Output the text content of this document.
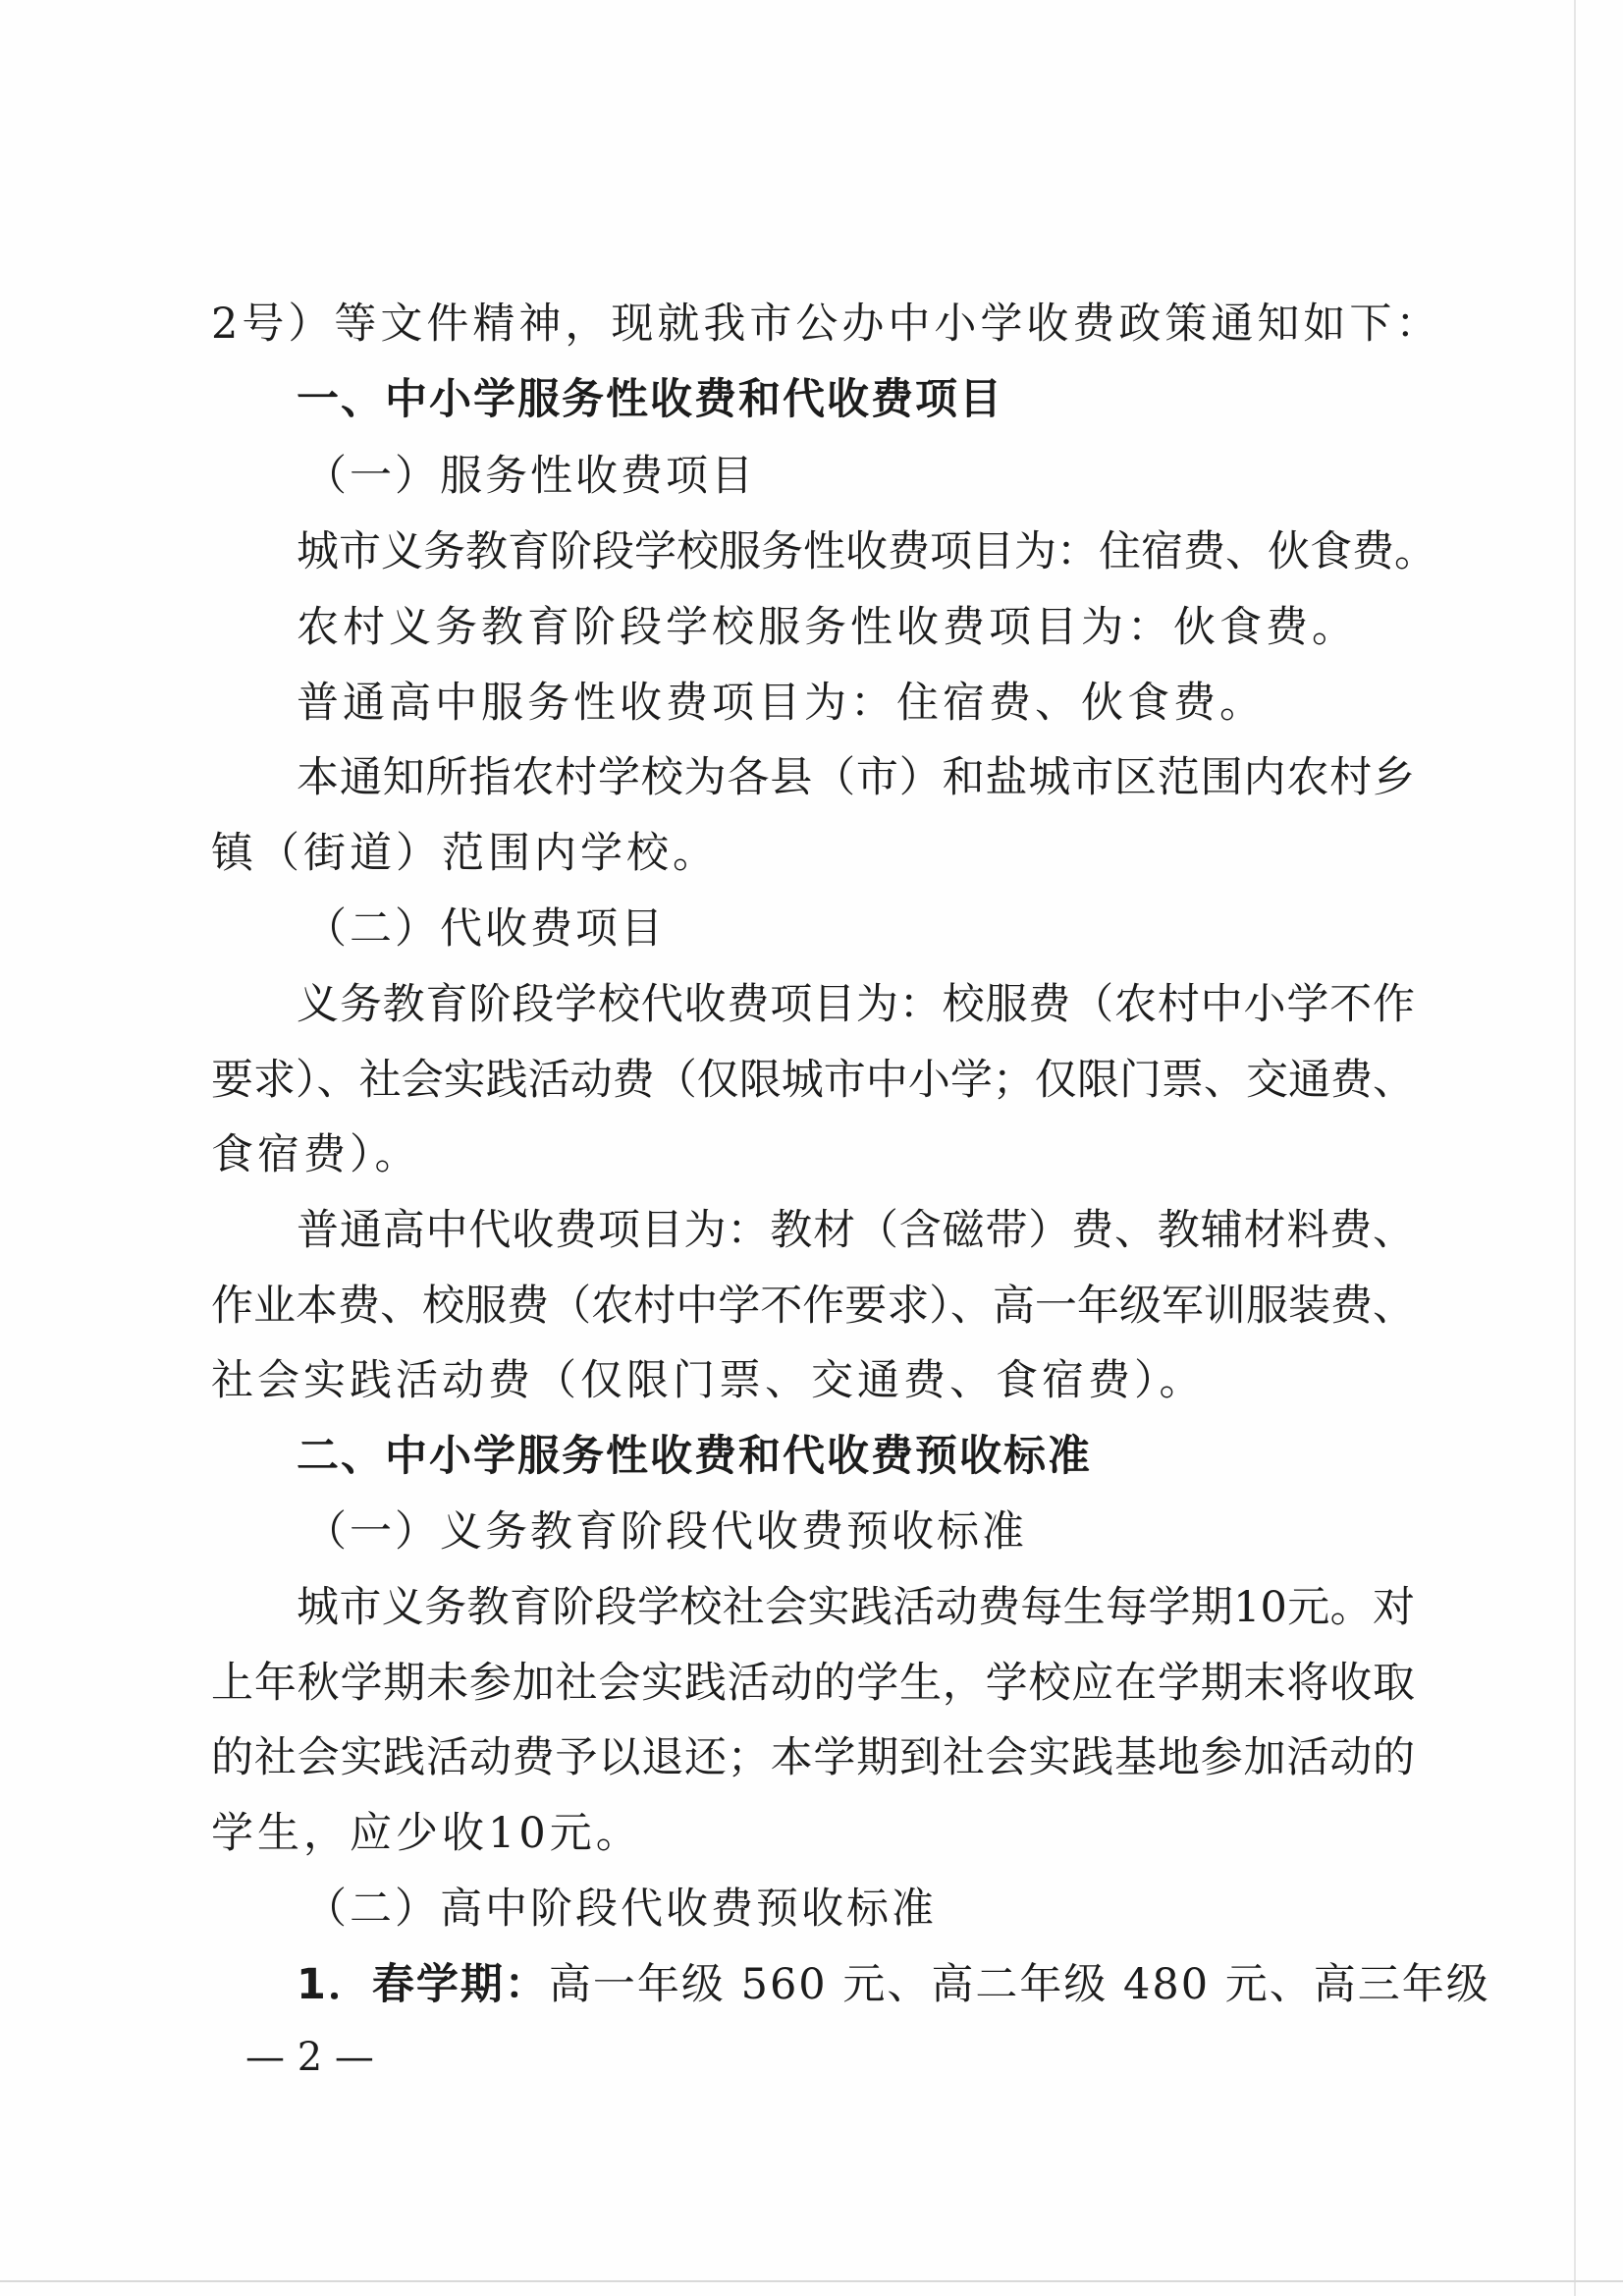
2号）等文件精神，现就我市公办中小学收费政策通知如下：
一、中小学服务性收费和代收费项目
（一）服务性收费项目
城市义务教育阶段学校服务性收费项目为：住宿费、伙食费。
农村义务教育阶段学校服务性收费项目为：伙食费。
普通高中服务性收费项目为：住宿费、伙食费。
本通知所指农村学校为各县（市）和盐城市区范围内农村乡
镇（街道）范围内学校。
（二）代收费项目
义务教育阶段学校代收费项目为：校服费（农村中小学不作
要求）、社会实践活动费（仅限城市中小学；仅限门票、交通费、
食宿费）。
普通高中代收费项目为：教材（含磁带）费、教辅材料费、
作业本费、校服费（农村中学不作要求）、高一年级军训服装费、
社会实践活动费（仅限门票、交通费、食宿费）。
二、中小学服务性收费和代收费预收标准
（一）义务教育阶段代收费预收标准
城市义务教育阶段学校社会实践活动费每生每学期10元。对
上年秋学期未参加社会实践活动的学生，学校应在学期末将收取
的社会实践活动费予以退还；本学期到社会实践基地参加活动的
学生，应少收10元。
（二）高中阶段代收费预收标准
1．春学期： 高一年级 560 元、高二年级 480 元、高三年级
— 2 —
